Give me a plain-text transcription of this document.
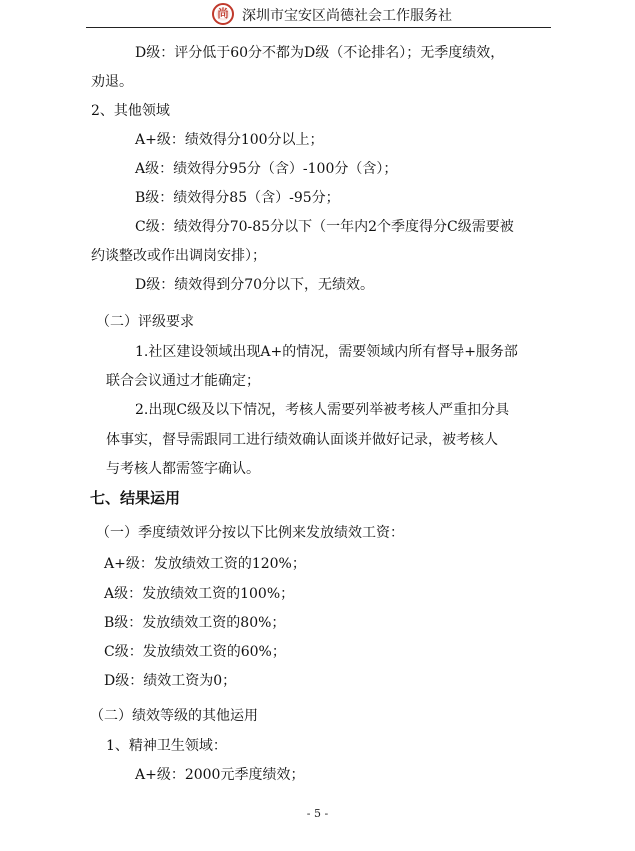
尚 深圳市宝安区尚德社会工作服务社
D级：评分低于60分不都为D级（不论排名）；无季度绩效，
劝退。
2、其他领域
A+级：绩效得分100分以上；
A级：绩效得分95分（含）-100分（含）；
B级：绩效得分85（含）-95分；
C级：绩效得分70-85分以下（一年内2个季度得分C级需要被
约谈整改或作出调岗安排）；
D级：绩效得到分70分以下，无绩效。
（二）评级要求
1.社区建设领域出现A+的情况，需要领域内所有督导+服务部
联合会议通过才能确定；
2.出现C级及以下情况，考核人需要列举被考核人严重扣分具
体事实，督导需跟同工进行绩效确认面谈并做好记录，被考核人
与考核人都需签字确认。
七、结果运用
（一）季度绩效评分按以下比例来发放绩效工资：
A+级：发放绩效工资的120%；
A级：发放绩效工资的100%；
B级：发放绩效工资的80%；
C级：发放绩效工资的60%；
D级：绩效工资为0；
（二）绩效等级的其他运用
1、精神卫生领域：
A+级：2000元季度绩效；
- 5 -
